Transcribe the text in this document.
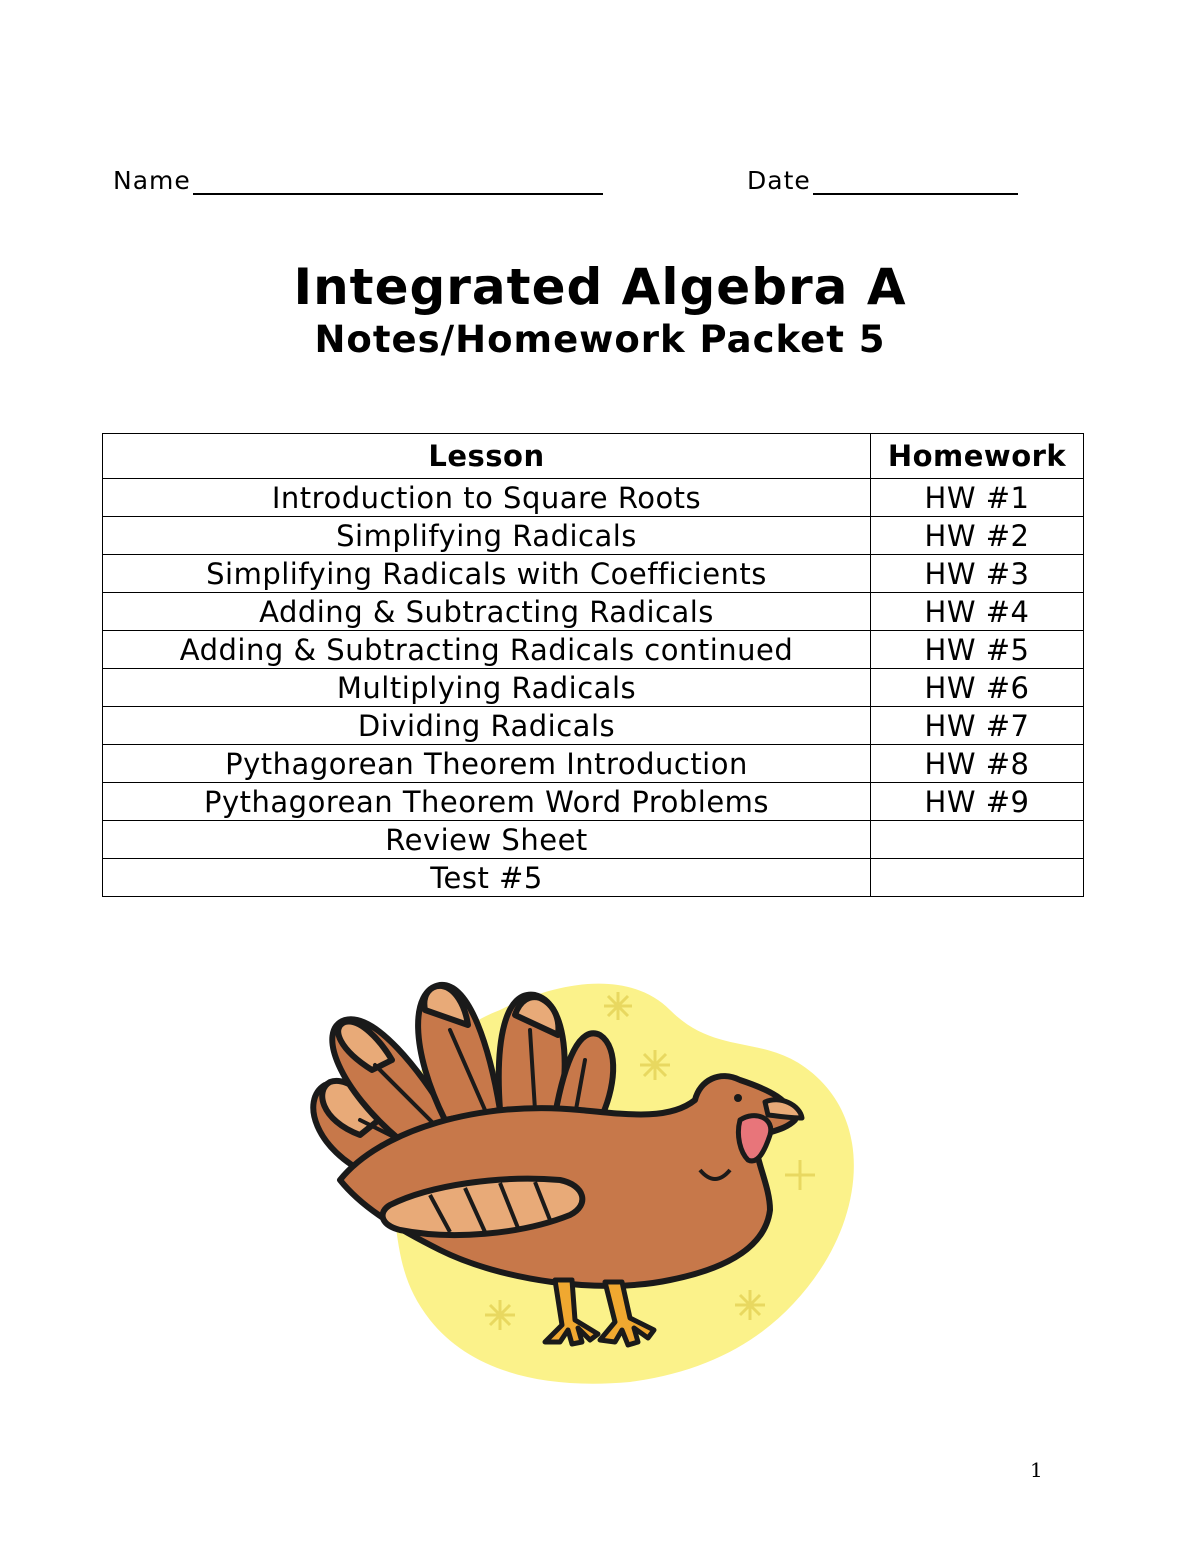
Name	Date
Integrated Algebra A
Notes/Homework Packet 5
Lesson	Homework
Introduction to Square Roots	HW #1
Simplifying Radicals	HW #2
Simplifying Radicals with Coefficients	HW #3
Adding & Subtracting Radicals	HW #4
Adding & Subtracting Radicals continued	HW #5
Multiplying Radicals	HW #6
Dividing Radicals	HW #7
Pythagorean Theorem Introduction	HW #8
Pythagorean Theorem Word Problems	HW #9
Review Sheet	
Test #5	
1
